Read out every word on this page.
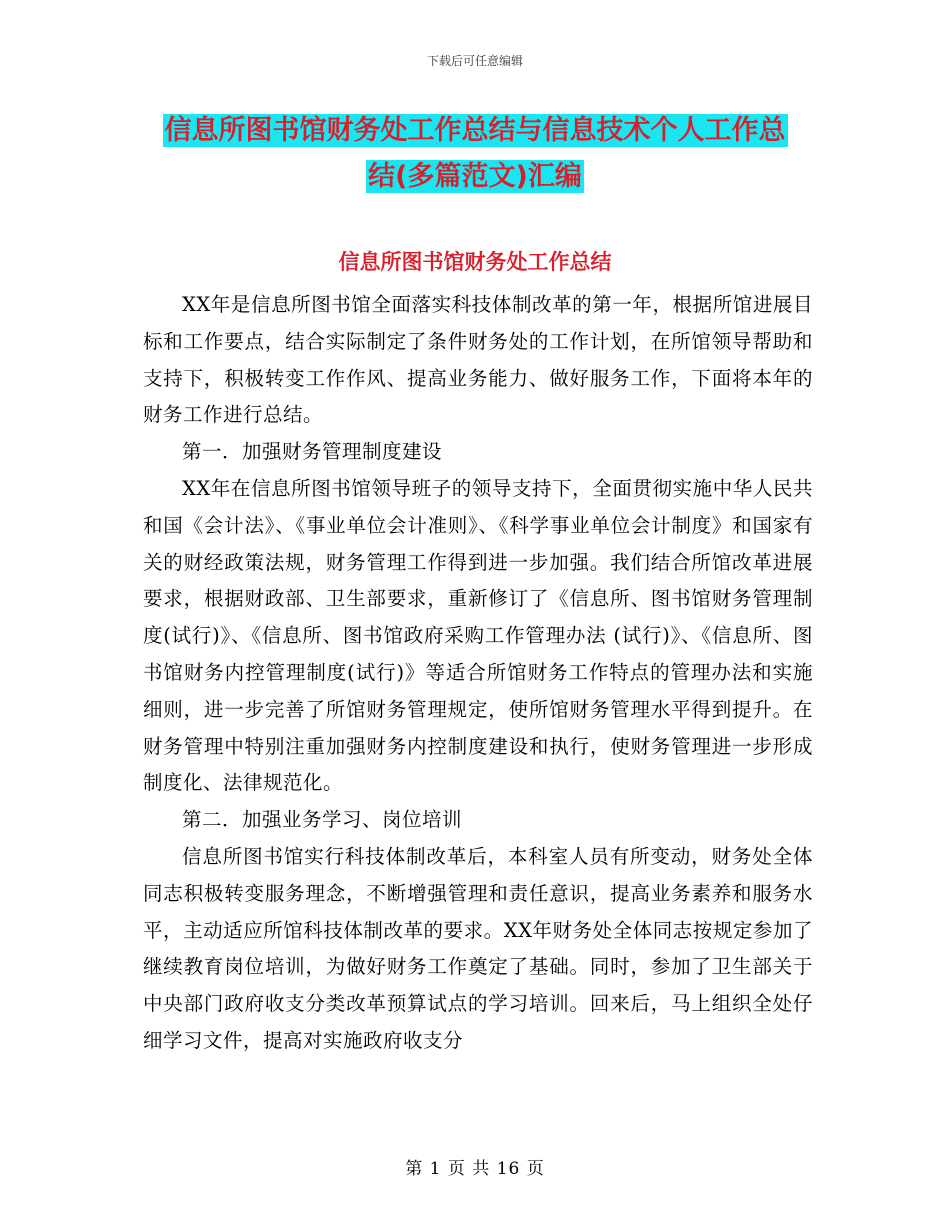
下载后可任意编辑
信息所图书馆财务处工作总结与信息技术个人工作总
结(多篇范文)汇编
信息所图书馆财务处工作总结

XX年是信息所图书馆全面落实科技体制改革的第一年，根据所馆进展目标和工作要点，结合实际制定了条件财务处的工作计划，在所馆领导帮助和支持下，积极转变工作作风、提高业务能力、做好服务工作，下面将本年的财务工作进行总结。

第一．加强财务管理制度建设

XX年在信息所图书馆领导班子的领导支持下，全面贯彻实施中华人民共和国《会计法》、《事业单位会计准则》、《科学事业单位会计制度》和国家有关的财经政策法规，财务管理工作得到进一步加强。我们结合所馆改革进展要求，根据财政部、卫生部要求，重新修订了《信息所、图书馆财务管理制度(试行)》、《信息所、图书馆政府采购工作管理办法 (试行)》、《信息所、图书馆财务内控管理制度(试行)》等适合所馆财务工作特点的管理办法和实施细则，进一步完善了所馆财务管理规定，使所馆财务管理水平得到提升。在财务管理中特别注重加强财务内控制度建设和执行，使财务管理进一步形成制度化、法律规范化。

第二．加强业务学习、岗位培训

信息所图书馆实行科技体制改革后，本科室人员有所变动，财务处全体同志积极转变服务理念，不断增强管理和责任意识，提高业务素养和服务水平，主动适应所馆科技体制改革的要求。XX年财务处全体同志按规定参加了继续教育岗位培训，为做好财务工作奠定了基础。同时，参加了卫生部关于中央部门政府收支分类改革预算试点的学习培训。回来后，马上组织全处仔细学习文件，提高对实施政府收支分

第 1 页 共 16 页
